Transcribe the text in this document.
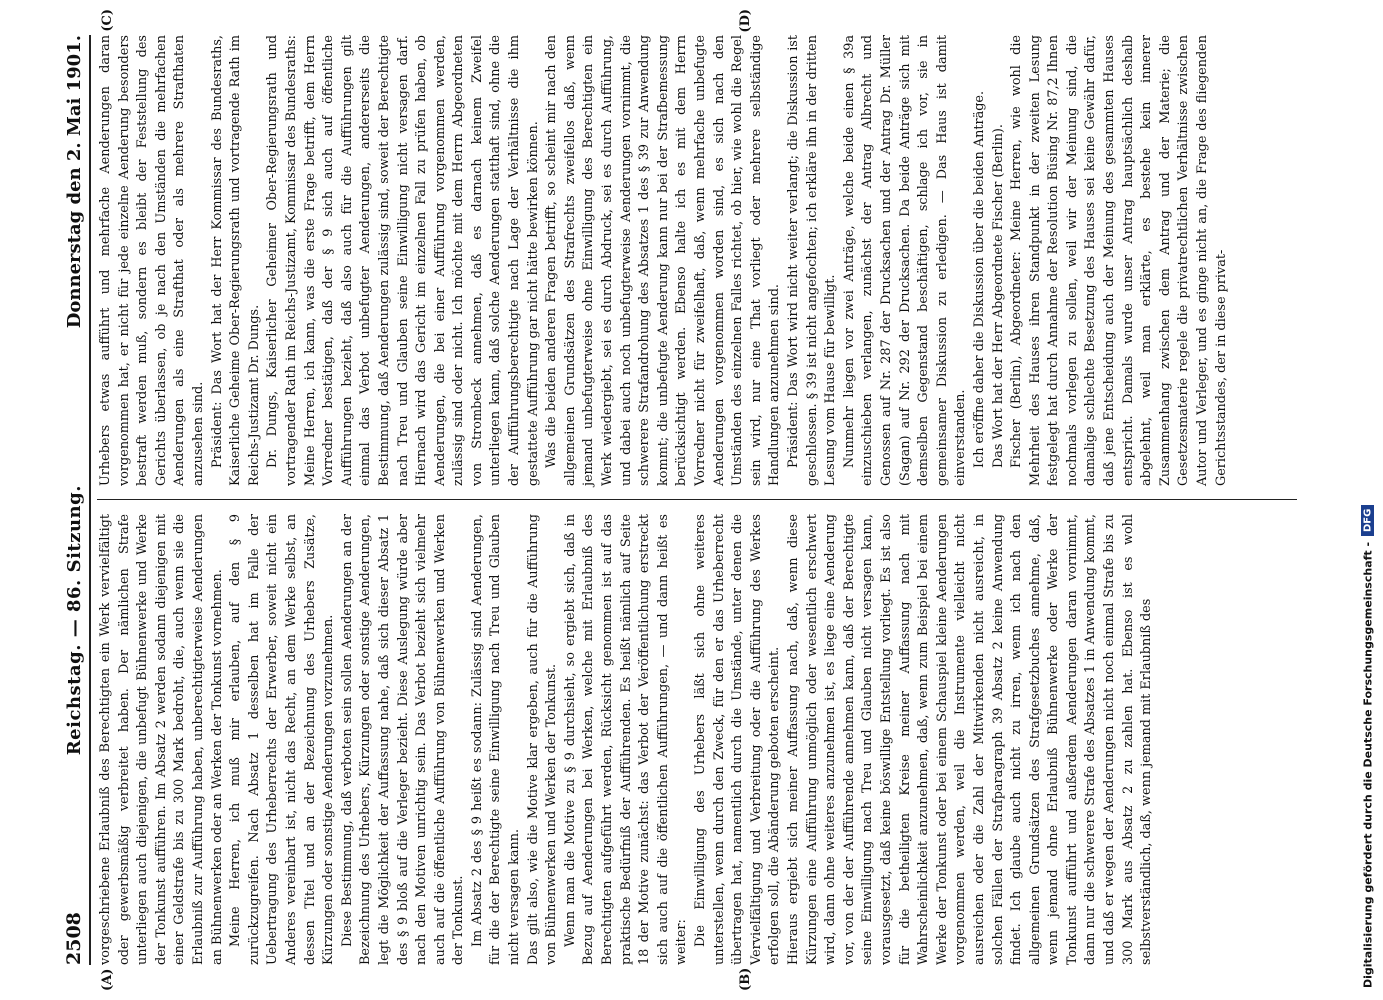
2508
Reichstag. — 86. Sitzung.
Donnerstag den 2. Mai 1901.
(A)	(B)

vorgeschriebene Erlaubniß des Berechtigten ein Werk vervielfältigt oder gewerbsmäßig verbreitet haben. Der nämlichen Strafe unterliegen auch diejenigen, die unbefugt Bühnenwerke und Werke der Tonkunst aufführen. Im Absatz 2 werden sodann diejenigen mit einer Geldstrafe bis zu 300 Mark bedroht, die, auch wenn sie die Erlaubniß zur Aufführung haben, unberechtigterweise Aenderungen an Bühnenwerken oder an Werken der Tonkunst vornehmen. Meine Herren, ich muß mir erlauben, auf den § 9 zurückzugreifen. Nach Absatz 1 desselben hat im Falle der Uebertragung des Urheberrechts der Erwerber, soweit nicht ein Anderes vereinbart ist, nicht das Recht, an dem Werke selbst, an dessen Titel und an der Bezeichnung des Urhebers Zusätze, Kürzungen oder sonstige Aenderungen vorzunehmen. Diese Bestimmung, daß verboten sein sollen Aenderungen an der Bezeichnung des Urhebers, Kürzungen oder sonstige Aenderungen, legt die Möglichkeit der Auffassung nahe, daß sich dieser Absatz 1 des § 9 bloß auf die Verleger bezieht. Diese Auslegung würde aber nach den Motiven unrichtig sein. Das Verbot bezieht sich vielmehr auch auf die öffentliche Aufführung von Bühnenwerken und Werken der Tonkunst. Im Absatz 2 des § 9 heißt es sodann: Zulässig sind Aenderungen, für die der Berechtigte seine Einwilligung nach Treu und Glauben nicht versagen kann. Das gilt also, wie die Motive klar ergeben, auch für die Aufführung von Bühnenwerken und Werken der Tonkunst. Wenn man die Motive zu § 9 durchsieht, so ergiebt sich, daß in Bezug auf Aenderungen bei Werken, welche mit Erlaubniß des Berechtigten aufgeführt werden, Rücksicht genommen ist auf das praktische Bedürfniß der Aufführenden. Es heißt nämlich auf Seite 18 der Motive zunächst: das Verbot der Veröffentlichung erstreckt sich auch auf die öffentlichen Aufführungen, — und dann heißt es weiter: Die Einwilligung des Urhebers läßt sich ohne weiteres unterstellen, wenn durch den Zweck, für den er das Urheberrecht übertragen hat, namentlich durch die Umstände, unter denen die Vervielfältigung und Verbreitung oder die Aufführung des Werkes erfolgen soll, die Abänderung geboten erscheint. Hieraus ergiebt sich meiner Auffassung nach, daß, wenn diese Kürzungen eine Aufführung unmöglich oder wesentlich erschwert wird, dann ohne weiteres anzunehmen ist, es liege eine Aenderung vor, von der der Aufführende annehmen kann, daß der Berechtigte seine Einwilligung nach Treu und Glauben nicht versagen kann, vorausgesetzt, daß keine böswillige Entstellung vorliegt. Es ist also für die betheiligten Kreise meiner Auffassung nach mit Wahrscheinlichkeit anzunehmen, daß, wenn zum Beispiel bei einem Werke der Tonkunst oder bei einem Schauspiel kleine Aenderungen vorgenommen werden, weil die Instrumente vielleicht nicht ausreichen oder die Zahl der Mitwirkenden nicht ausreicht, in solchen Fällen der Strafparagraph 39 Absatz 2 keine Anwendung findet. Ich glaube auch nicht zu irren, wenn ich nach den allgemeinen Grundsätzen des Strafgesetzbuches annehme, daß, wenn jemand ohne Erlaubniß Bühnenwerke oder Werke der Tonkunst aufführt und außerdem Aenderungen daran vornimmt, dann nur die schwerere Strafe des Absatzes 1 in Anwendung kommt, und daß er wegen der Aenderungen nicht noch einmal Strafe bis zu 300 Mark aus Absatz 2 zu zahlen hat. Ebenso ist es wohl selbstverständlich, daß, wenn jemand mit Erlaubniß des

(C)	(D)

Urhebers etwas aufführt und mehrfache Aenderungen daran vorgenommen hat, er nicht für jede einzelne Aenderung besonders bestraft werden muß, sondern es bleibt der Feststellung des Gerichts überlassen, ob je nach den Umständen die mehrfachen Aenderungen als eine Strafthat oder als mehrere Strafthaten anzusehen sind. Präsident: Das Wort hat der Herr Kommissar des Bundesraths, Kaiserliche Geheime Ober-Regierungsrath und vortragende Rath im Reichs-Justizamt Dr. Dungs. Dr. Dungs, Kaiserlicher Geheimer Ober-Regierungsrath und vortragender Rath im Reichs-Justizamt, Kommissar des Bundesraths: Meine Herren, ich kann, was die erste Frage betrifft, dem Herrn Vorredner bestätigen, daß der § 9 sich auch auf öffentliche Aufführungen bezieht, daß also auch für die Aufführungen gilt einmal das Verbot unbefugter Aenderungen, andererseits die Bestimmung, daß Aenderungen zulässig sind, soweit der Berechtigte nach Treu und Glauben seine Einwilligung nicht versagen darf. Hiernach wird das Gericht im einzelnen Fall zu prüfen haben, ob Aenderungen, die bei einer Aufführung vorgenommen werden, zulässig sind oder nicht. Ich möchte mit dem Herrn Abgeordneten von Strombeck annehmen, daß es darnach keinem Zweifel unterliegen kann, daß solche Aenderungen statthaft sind, ohne die der Aufführungsberechtigte nach Lage der Verhältnisse die ihm gestattete Aufführung gar nicht hätte bewirken können. Was die beiden anderen Fragen betrifft, so scheint mir nach den allgemeinen Grundsätzen des Strafrechts zweifellos daß, wenn jemand unbefugterweise ohne Einwilligung des Berechtigten ein Werk wiedergiebt, sei es durch Abdruck, sei es durch Aufführung, und dabei auch noch unbefugterweise Aenderungen vornimmt, die schwerere Strafandrohung des Absatzes 1 des § 39 zur Anwendung kommt; die unbefugte Aenderung kann nur bei der Strafbemessung berücksichtigt werden. Ebenso halte ich es mit dem Herrn Vorredner nicht für zweifelhaft, daß, wenn mehrfache unbefugte Aenderungen vorgenommen worden sind, es sich nach den Umständen des einzelnen Falles richtet, ob hier, wie wohl die Regel sein wird, nur eine That vorliegt oder mehrere selbständige Handlungen anzunehmen sind. Präsident: Das Wort wird nicht weiter verlangt; die Diskussion ist geschlossen. § 39 ist nicht angefochten; ich erkläre ihn in der dritten Lesung vom Hause für bewilligt. Nunmehr liegen vor zwei Anträge, welche beide einen § 39a einzuschieben verlangen, zunächst der Antrag Albrecht und Genossen auf Nr. 287 der Drucksachen und der Antrag Dr. Müller (Sagan) auf Nr. 292 der Drucksachen. Da beide Anträge sich mit demselben Gegenstand beschäftigen, schlage ich vor, sie in gemeinsamer Diskussion zu erledigen. — Das Haus ist damit einverstanden. Ich eröffne daher die Diskussion über die beiden Anträge. Das Wort hat der Herr Abgeordnete Fischer (Berlin). Fischer (Berlin), Abgeordneter: Meine Herren, wie wohl die Mehrheit des Hauses ihren Standpunkt in der zweiten Lesung festgelegt hat durch Annahme der Resolution Büsing Nr. 87,2 Ihnen nochmals vorlegen zu sollen, weil wir der Meinung sind, die damalige schlechte Besetzung des Hauses sei keine Gewähr dafür, daß jene Entscheidung auch der Meinung des gesammten Hauses entspricht. Damals wurde unser Antrag hauptsächlich deshalb abgelehnt, weil man erklärte, es bestehe kein innerer Zusammenhang zwischen dem Antrag und der Materie; die Gesetzesmaterie regele die privatrechtlichen Verhältnisse zwischen Autor und Verleger, und es ginge nicht an, die Frage des fliegenden Gerichtsstandes, der in diese privat-

Digitalisierung gefördert durch die Deutsche Forschungsgemeinschaft -
DFG
